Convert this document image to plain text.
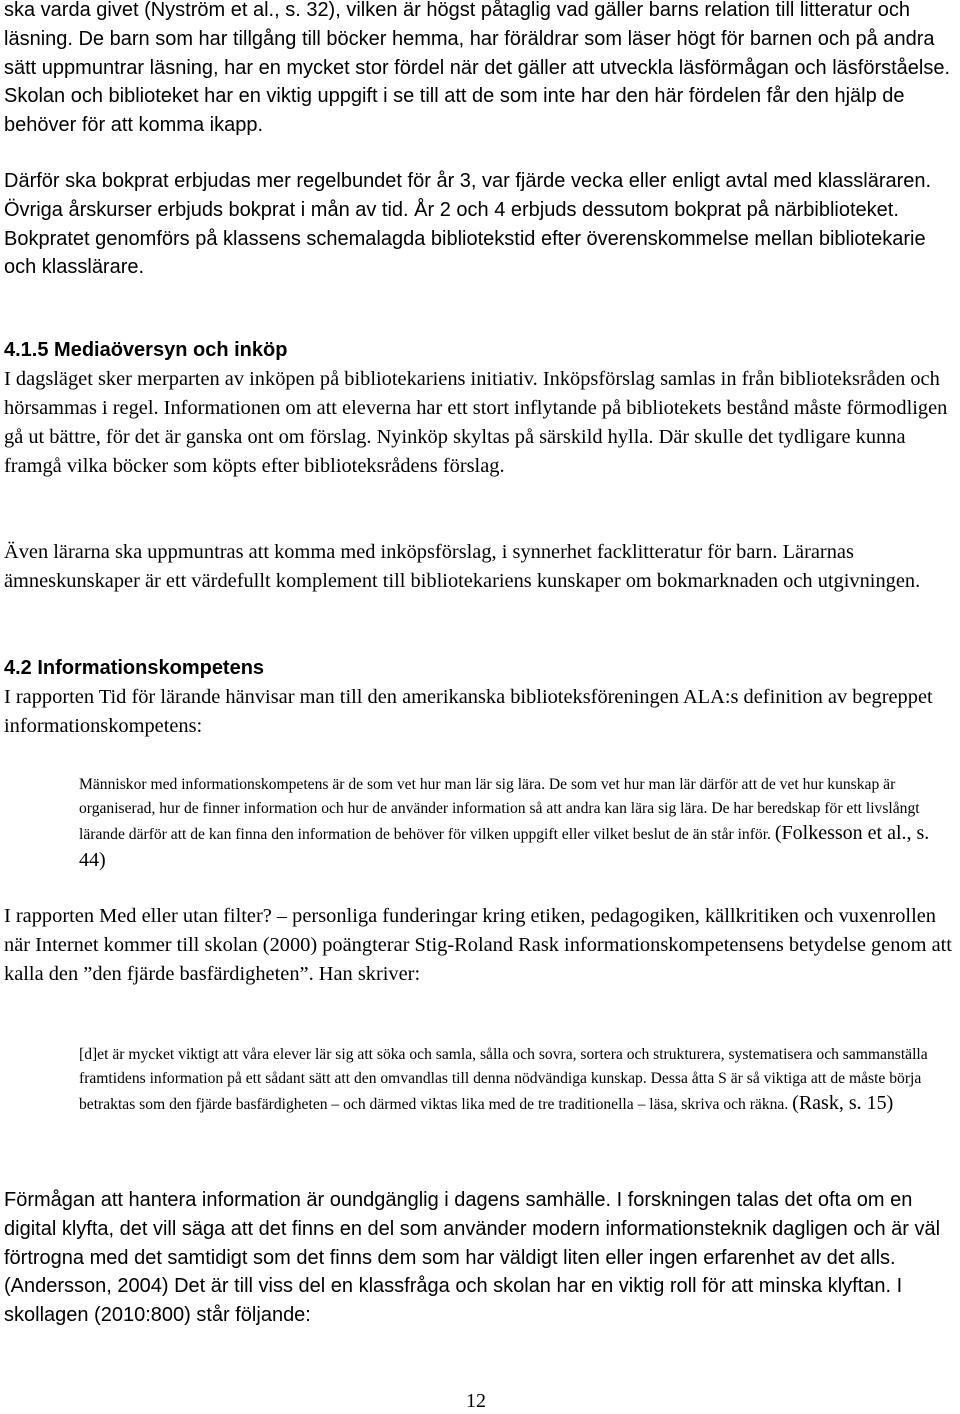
ska varda givet (Nyström et al., s. 32), vilken är högst påtaglig vad gäller barns relation till litteratur och läsning. De barn som har tillgång till böcker hemma, har föräldrar som läser högt för barnen och på andra sätt uppmuntrar läsning, har en mycket stor fördel när det gäller att utveckla läsförmågan och läsförståelse. Skolan och biblioteket har en viktig uppgift i se till att de som inte har den här fördelen får den hjälp de behöver för att komma ikapp.

Därför ska bokprat erbjudas mer regelbundet för år 3, var fjärde vecka eller enligt avtal med klassläraren. Övriga årskurser erbjuds bokprat i mån av tid. År 2 och 4 erbjuds dessutom bokprat på närbiblioteket. Bokpratet genomförs på klassens schemalagda bibliotekstid efter överenskommelse mellan bibliotekarie och klasslärare.

4.1.5 Mediaöversyn och inköp

I dagsläget sker merparten av inköpen på bibliotekariens initiativ. Inköpsförslag samlas in från biblioteksråden och hörsammas i regel. Informationen om att eleverna har ett stort inflytande på bibliotekets bestånd måste förmodligen gå ut bättre, för det är ganska ont om förslag. Nyinköp skyltas på särskild hylla. Där skulle det tydligare kunna framgå vilka böcker som köpts efter biblioteksrådens förslag.

Även lärarna ska uppmuntras att komma med inköpsförslag, i synnerhet facklitteratur för barn. Lärarnas ämneskunskaper är ett värdefullt komplement till bibliotekariens kunskaper om bokmarknaden och utgivningen.

4.2 Informationskompetens

I rapporten Tid för lärande hänvisar man till den amerikanska biblioteksföreningen ALA:s definition av begreppet informationskompetens:

Människor med informationskompetens är de som vet hur man lär sig lära. De som vet hur man lär därför att de vet hur kunskap är organiserad, hur de finner information och hur de använder information så att andra kan lära sig lära. De har beredskap för ett livslångt lärande därför att de kan finna den information de behöver för vilken uppgift eller vilket beslut de än står inför. (Folkesson et al., s. 44)

I rapporten Med eller utan filter? – personliga funderingar kring etiken, pedagogiken, källkritiken och vuxenrollen när Internet kommer till skolan (2000) poängterar Stig-Roland Rask informationskompetensens betydelse genom att kalla den ”den fjärde basfärdigheten”. Han skriver:

[d]et är mycket viktigt att våra elever lär sig att söka och samla, sålla och sovra, sortera och strukturera, systematisera och sammanställa framtidens information på ett sådant sätt att den omvandlas till denna nödvändiga kunskap. Dessa åtta S är så viktiga att de måste börja betraktas som den fjärde basfärdigheten – och därmed viktas lika med de tre traditionella – läsa, skriva och räkna. (Rask, s. 15)

Förmågan att hantera information är oundgänglig i dagens samhälle. I forskningen talas det ofta om en digital klyfta, det vill säga att det finns en del som använder modern informationsteknik dagligen och är väl förtrogna med det samtidigt som det finns dem som har väldigt liten eller ingen erfarenhet av det alls. (Andersson, 2004) Det är till viss del en klassfråga och skolan har en viktig roll för att minska klyftan. I skollagen (2010:800) står följande:

12
